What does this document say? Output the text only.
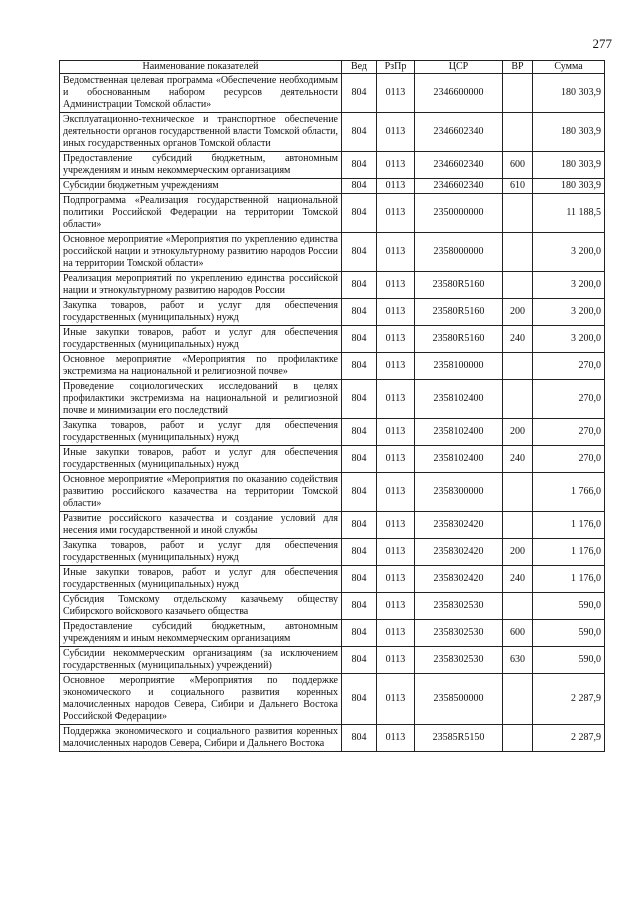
277
Наименование показателей	Вед	РзПр	ЦСР	ВР	Сумма
Ведомственная целевая программа «Обеспечение необходимым и обоснованным набором ресурсов деятельности Администрации Томской области»	804	0113	2346600000		180 303,9
Эксплуатационно-техническое и транспортное обеспечение деятельности органов государственной власти Томской области, иных государственных органов Томской области	804	0113	2346602340		180 303,9
Предоставление субсидий бюджетным, автономным учреждениям и иным некоммерческим организациям	804	0113	2346602340	600	180 303,9
Субсидии бюджетным учреждениям	804	0113	2346602340	610	180 303,9
Подпрограмма «Реализация государственной национальной политики Российской Федерации на территории Томской области»	804	0113	2350000000		11 188,5
Основное мероприятие «Мероприятия по укреплению единства российской нации и этнокультурному развитию народов России на территории Томской области»	804	0113	2358000000		3 200,0
Реализация мероприятий по укреплению единства российской нации и этнокультурному развитию народов России	804	0113	23580R5160		3 200,0
Закупка товаров, работ и услуг для обеспечения государственных (муниципальных) нужд	804	0113	23580R5160	200	3 200,0
Иные закупки товаров, работ и услуг для обеспечения государственных (муниципальных) нужд	804	0113	23580R5160	240	3 200,0
Основное мероприятие «Мероприятия по профилактике экстремизма на национальной и религиозной почве»	804	0113	2358100000		270,0
Проведение социологических исследований в целях профилактики экстремизма на национальной и религиозной почве и минимизации его последствий	804	0113	2358102400		270,0
Закупка товаров, работ и услуг для обеспечения государственных (муниципальных) нужд	804	0113	2358102400	200	270,0
Иные закупки товаров, работ и услуг для обеспечения государственных (муниципальных) нужд	804	0113	2358102400	240	270,0
Основное мероприятие «Мероприятия по оказанию содействия развитию российского казачества на территории Томской области»	804	0113	2358300000		1 766,0
Развитие российского казачества и создание условий для несения ими государственной и иной службы	804	0113	2358302420		1 176,0
Закупка товаров, работ и услуг для обеспечения государственных (муниципальных) нужд	804	0113	2358302420	200	1 176,0
Иные закупки товаров, работ и услуг для обеспечения государственных (муниципальных) нужд	804	0113	2358302420	240	1 176,0
Субсидия Томскому отдельскому казачьему обществу Сибирского войскового казачьего общества	804	0113	2358302530		590,0
Предоставление субсидий бюджетным, автономным учреждениям и иным некоммерческим организациям	804	0113	2358302530	600	590,0
Субсидии некоммерческим организациям (за исключением государственных (муниципальных) учреждений)	804	0113	2358302530	630	590,0
Основное мероприятие «Мероприятия по поддержке экономического и социального развития коренных малочисленных народов Севера, Сибири и Дальнего Востока Российской Федерации»	804	0113	2358500000		2 287,9
Поддержка экономического и социального развития коренных малочисленных народов Севера, Сибири и Дальнего Востока	804	0113	23585R5150		2 287,9
